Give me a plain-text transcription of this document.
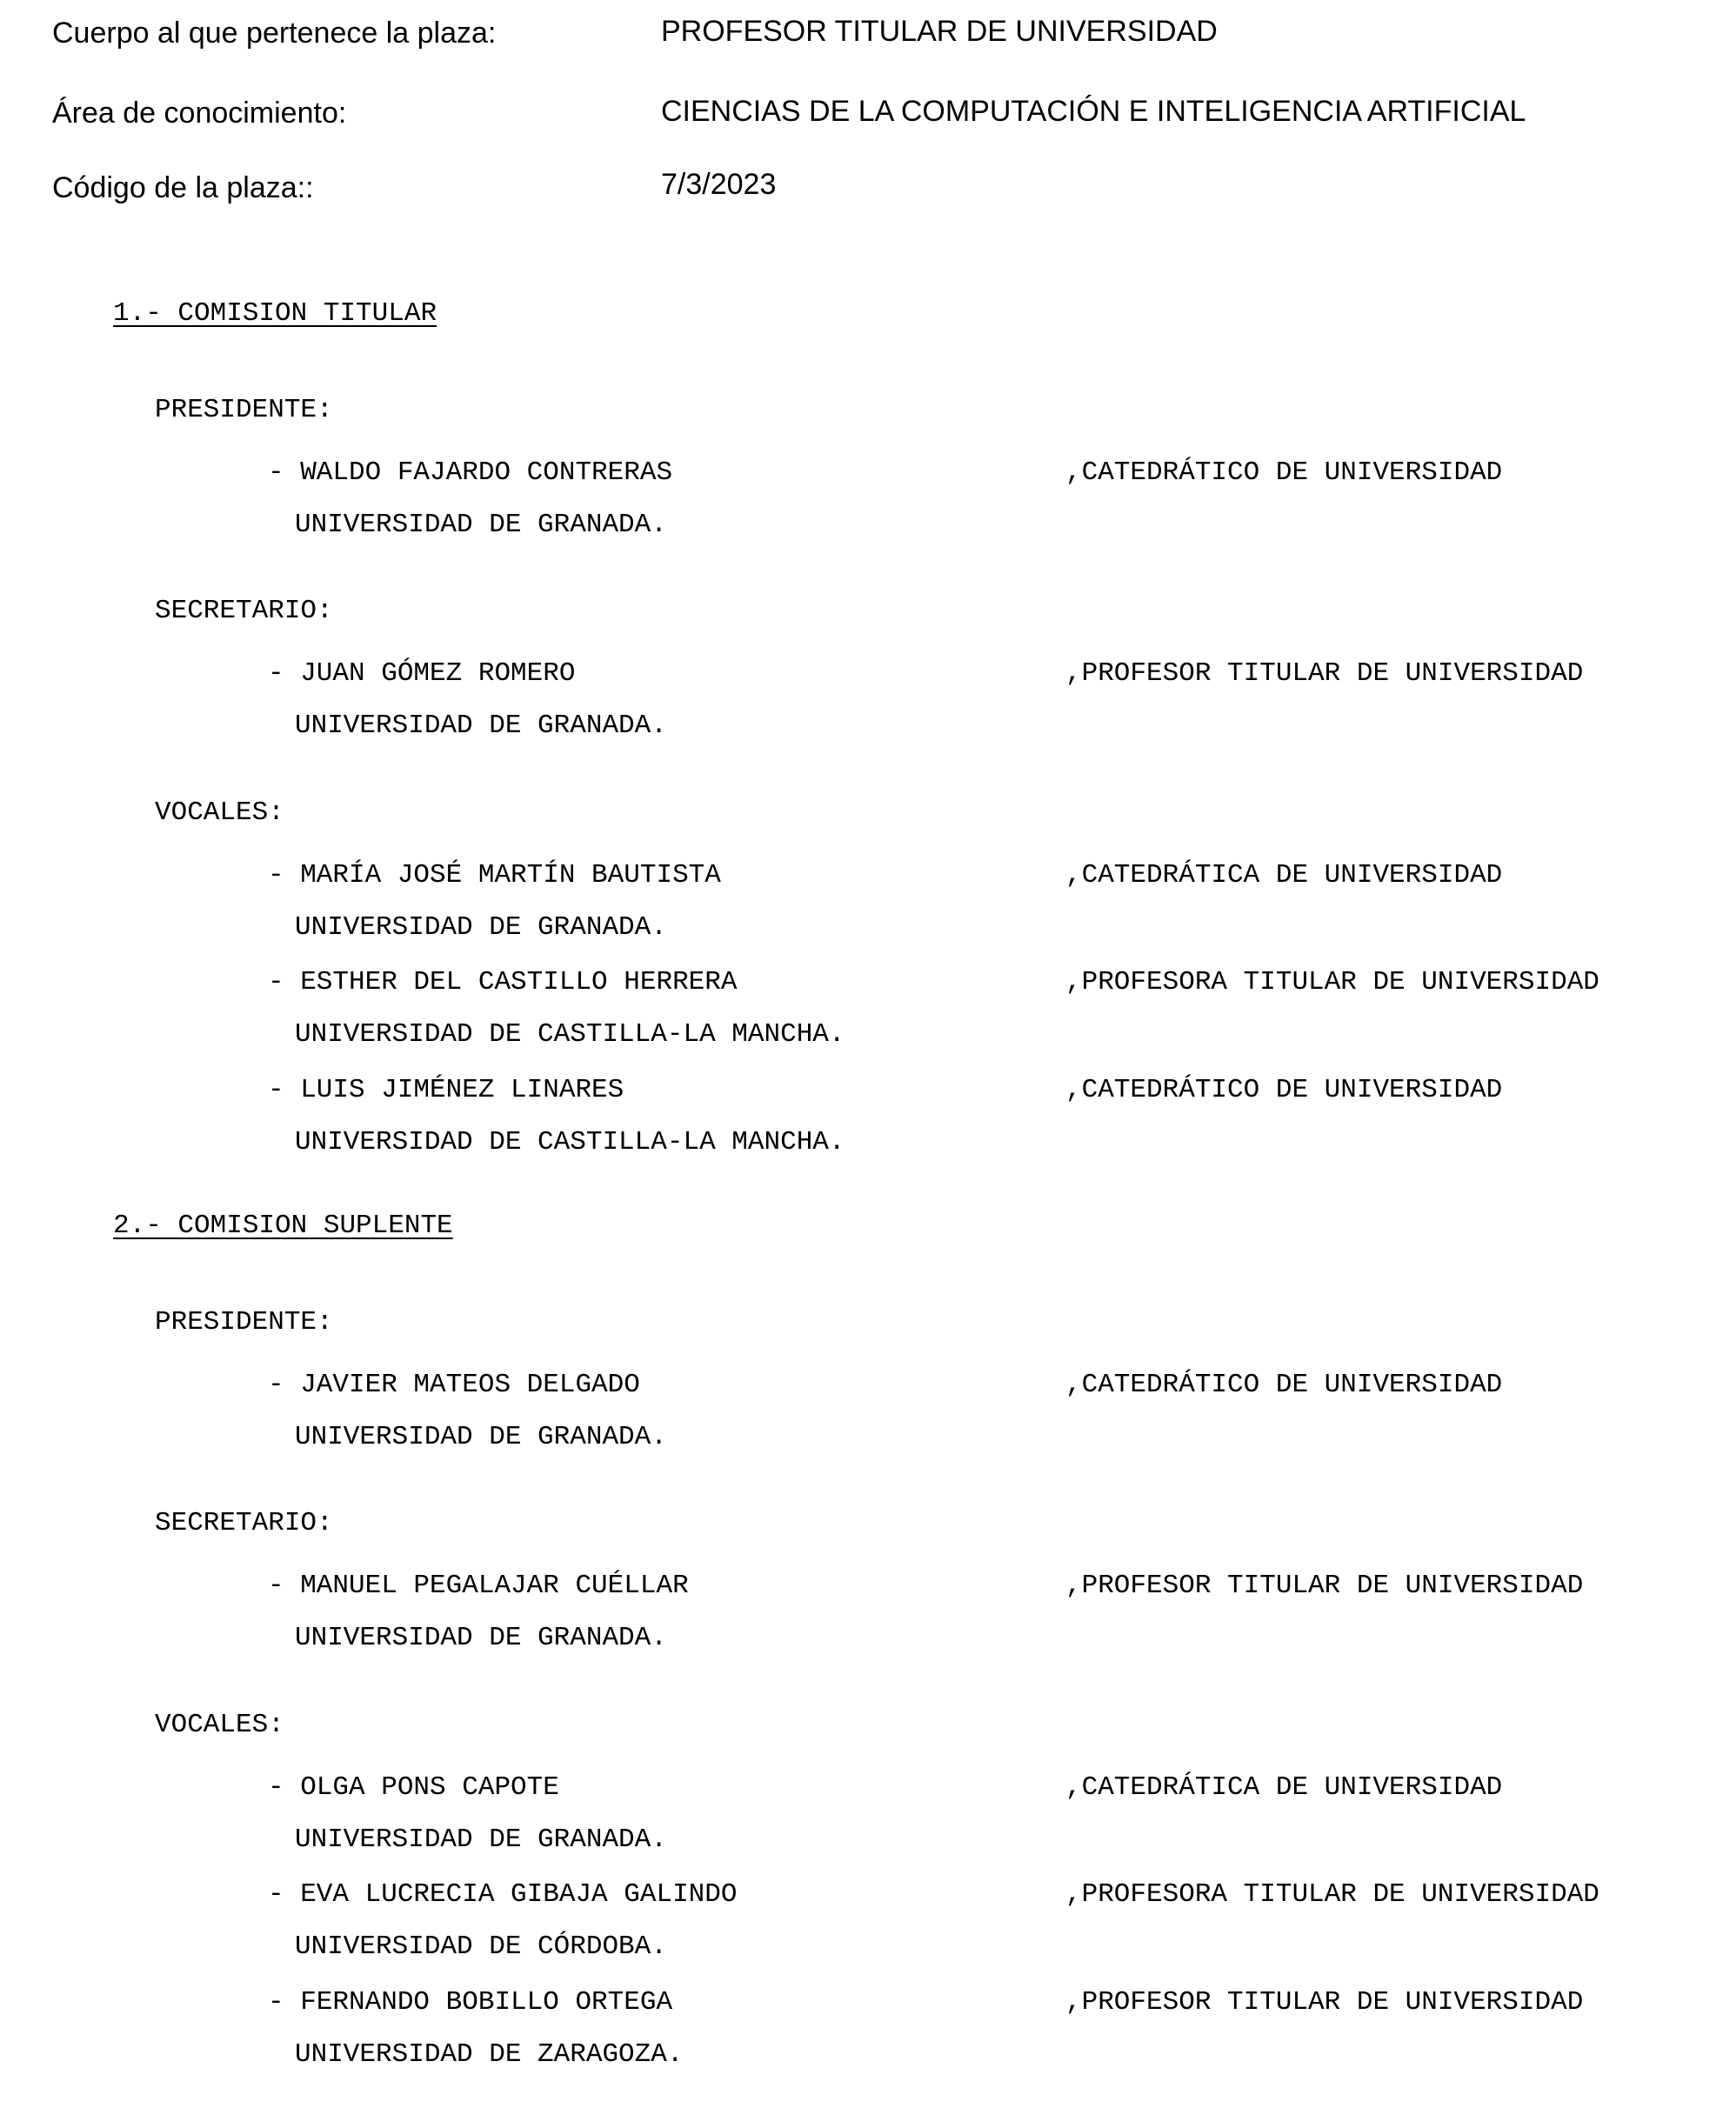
Cuerpo al que pertenece la plaza:	PROFESOR TITULAR DE UNIVERSIDAD
Área de conocimiento:	CIENCIAS DE LA COMPUTACIÓN E INTELIGENCIA ARTIFICIAL
Código de la plaza::	7/3/2023
1.- COMISION TITULAR
PRESIDENTE:
- WALDO FAJARDO CONTRERAS	,CATEDRÁTICO DE UNIVERSIDAD
UNIVERSIDAD DE GRANADA.
SECRETARIO:
- JUAN GÓMEZ ROMERO	,PROFESOR TITULAR DE UNIVERSIDAD
UNIVERSIDAD DE GRANADA.
VOCALES:
- MARÍA JOSÉ MARTÍN BAUTISTA	,CATEDRÁTICA DE UNIVERSIDAD
UNIVERSIDAD DE GRANADA.
- ESTHER DEL CASTILLO HERRERA	,PROFESORA TITULAR DE UNIVERSIDAD
UNIVERSIDAD DE CASTILLA-LA MANCHA.
- LUIS JIMÉNEZ LINARES	,CATEDRÁTICO DE UNIVERSIDAD
UNIVERSIDAD DE CASTILLA-LA MANCHA.
2.- COMISION SUPLENTE
PRESIDENTE:
- JAVIER MATEOS DELGADO	,CATEDRÁTICO DE UNIVERSIDAD
UNIVERSIDAD DE GRANADA.
SECRETARIO:
- MANUEL PEGALAJAR CUÉLLAR	,PROFESOR TITULAR DE UNIVERSIDAD
UNIVERSIDAD DE GRANADA.
VOCALES:
- OLGA PONS CAPOTE	,CATEDRÁTICA DE UNIVERSIDAD
UNIVERSIDAD DE GRANADA.
- EVA LUCRECIA GIBAJA GALINDO	,PROFESORA TITULAR DE UNIVERSIDAD
UNIVERSIDAD DE CÓRDOBA.
- FERNANDO BOBILLO ORTEGA	,PROFESOR TITULAR DE UNIVERSIDAD
UNIVERSIDAD DE ZARAGOZA.
